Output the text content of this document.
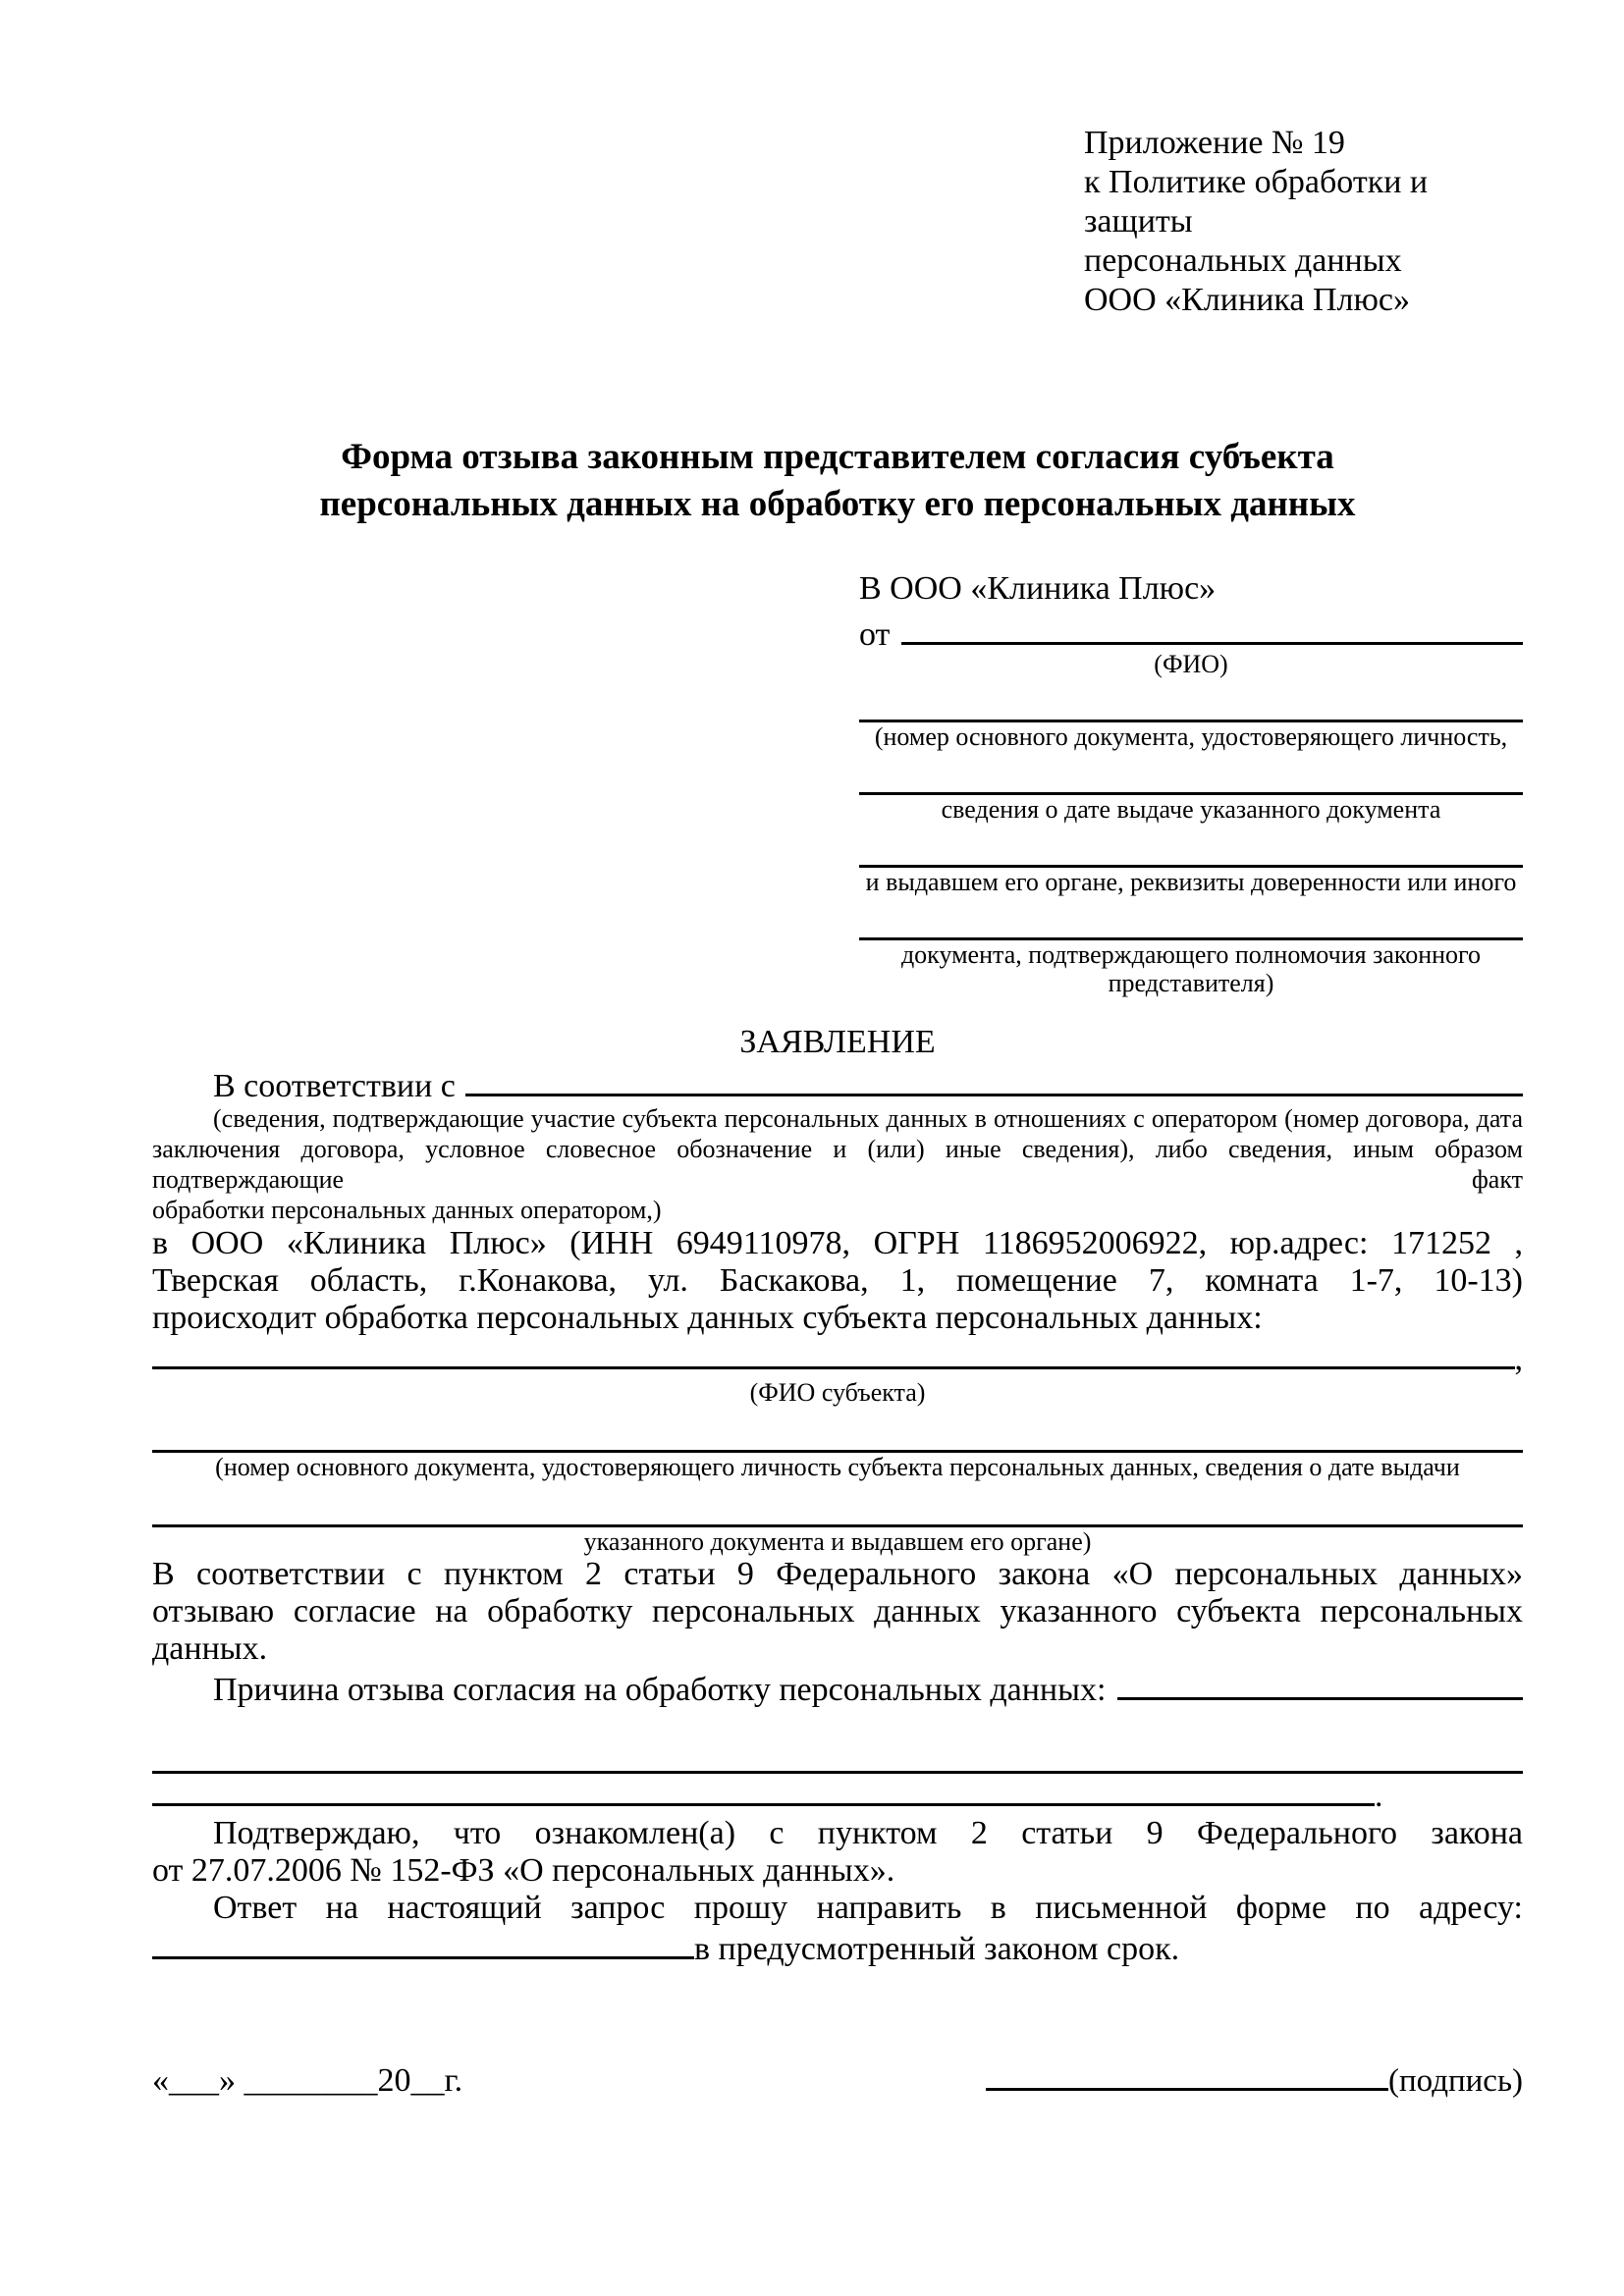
Приложение № 19
к Политике обработки и защиты
персональных данных
ООО «Клиника Плюс»
Форма отзыва законным представителем согласия субъекта
персональных данных на обработку его персональных данных
В ООО «Клиника Плюс»
от
(ФИО)
(номер основного документа, удостоверяющего личность,
сведения о дате выдаче указанного документа
и выдавшем его органе, реквизиты доверенности или иного
документа, подтверждающего полномочия законного представителя)
ЗАЯВЛЕНИЕ
В соответствии с
(сведения, подтверждающие участие субъекта персональных данных в отношениях с оператором (номер договора, дата
заключения договора, условное словесное обозначение и (или) иные сведения), либо сведения, иным образом подтверждающие факт
обработки персональных данных оператором,)
в ООО «Клиника Плюс» (ИНН 6949110978, ОГРН 1186952006922, юр.адрес: 171252 ,
Тверская область, г.Конакова, ул. Баскакова, 1, помещение 7, комната 1-7, 10-13)
происходит обработка персональных данных субъекта персональных данных:
,
(ФИО субъекта)
(номер основного документа, удостоверяющего личность субъекта персональных данных, сведения о дате выдачи
указанного документа и выдавшем его органе)
В соответствии с пунктом 2 статьи 9 Федерального закона «О персональных данных»
отзываю согласие на обработку персональных данных указанного субъекта персональных
данных.
Причина отзыва согласия на обработку персональных данных:
.
Подтверждаю, что ознакомлен(а) с пунктом 2 статьи 9 Федерального закона
от 27.07.2006 № 152-ФЗ «О персональных данных».
Ответ на настоящий запрос прошу направить в письменной форме по адресу:
в предусмотренный законом срок.
«___» ________20__г.	(подпись)
